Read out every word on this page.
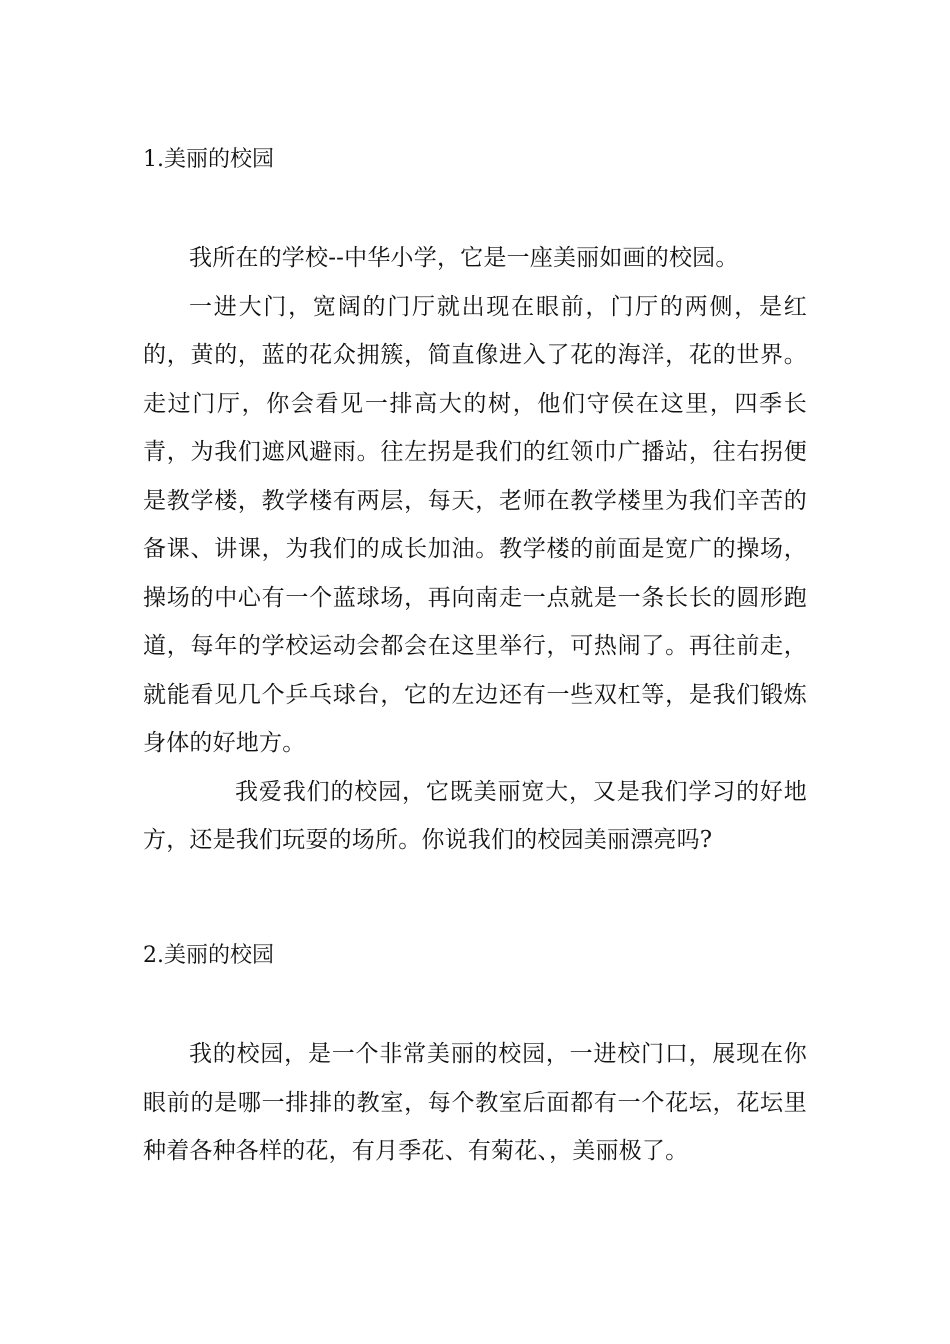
1.美丽的校园

我所在的学校--中华小学，它是一座美丽如画的校园。

一进大门，宽阔的门厅就出现在眼前，门厅的两侧，是红的，黄的，蓝的花众拥簇，简直像进入了花的海洋，花的世界。走过门厅，你会看见一排高大的树，他们守侯在这里，四季长青，为我们遮风避雨。往左拐是我们的红领巾广播站，往右拐便是教学楼，教学楼有两层，每天，老师在教学楼里为我们辛苦的备课、讲课，为我们的成长加油。教学楼的前面是宽广的操场，操场的中心有一个蓝球场，再向南走一点就是一条长长的圆形跑道，每年的学校运动会都会在这里举行，可热闹了。再往前走，就能看见几个乒乓球台，它的左边还有一些双杠等，是我们锻炼身体的好地方。

我爱我们的校园，它既美丽宽大，又是我们学习的好地方，还是我们玩耍的场所。你说我们的校园美丽漂亮吗?

2.美丽的校园

我的校园，是一个非常美丽的校园，一进校门口，展现在你眼前的是哪一排排的教室，每个教室后面都有一个花坛，花坛里种着各种各样的花，有月季花、有菊花、，美丽极了。
